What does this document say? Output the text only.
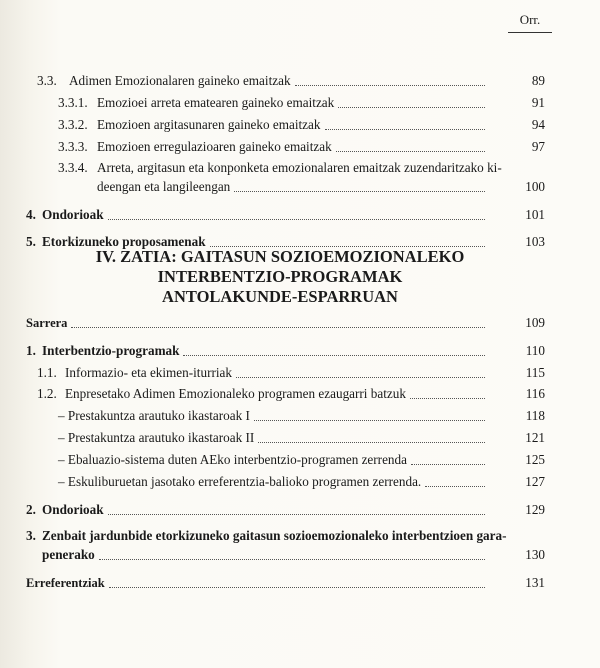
Orr.
3.3. Adimen Emozionalaren gaineko emaitzak	89
3.3.1. Emozioei arreta ematearen gaineko emaitzak	91
3.3.2. Emozioen argitasunaren gaineko emaitzak	94
3.3.3. Emozioen erregulazioaren gaineko emaitzak	97
3.3.4. Arreta, argitasun eta konponketa emozionalaren emaitzak zuzendaritzako ki-
deengan eta langileengan	100
4. Ondorioak	101
5. Etorkizuneko proposamenak	103
IV. ZATIA: GAITASUN SOZIOEMOZIONALEKO
INTERBENTZIO-PROGRAMAK
ANTOLAKUNDE-ESPARRUAN
Sarrera	109
1. Interbentzio-programak	110
1.1. Informazio- eta ekimen-iturriak	115
1.2. Enpresetako Adimen Emozionaleko programen ezaugarri batzuk	116
– Prestakuntza arautuko ikastaroak I	118
– Prestakuntza arautuko ikastaroak II	121
– Ebaluazio-sistema duten AEko interbentzio-programen zerrenda	125
– Eskuliburuetan jasotako erreferentzia-balioko programen zerrenda.	127
2. Ondorioak	129
3. Zenbait jardunbide etorkizuneko gaitasun sozioemozionaleko interbentzioen gara-
penerako	130
Erreferentziak	131
